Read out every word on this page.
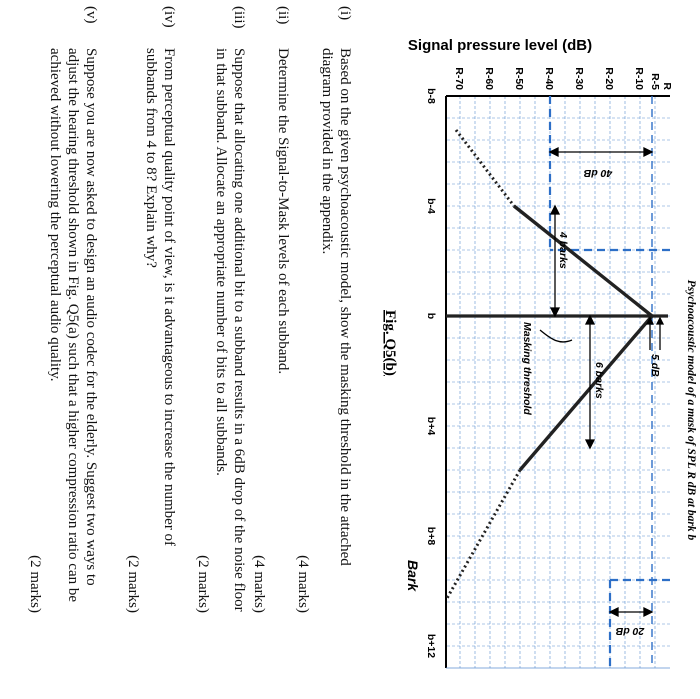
Psychoacoustic model of a mask of SPL R dB at bark b
Signal pressure level (dB)
R
R-5
R-10
R-20
R-30
R-40
R-50
R-60
R-70
b-8
b-4
b
b+4
b+8
b+12
Bark
40 dB
20 dB
5 dB
4 barks
6 barks
Masking threshold
Fig. Q5(b)
(i)
Based on the given psychoacoustic model, show the masking threshold in the attached diagram provided in the appendix.
(4 marks)
(ii)
Determine the Signal-to-Mask levels of each subband.
(4 marks)
(iii)
Suppose that allocating one additional bit to a subband results in a 6dB drop of the noise floor in that subband. Allocate an appropriate number of bits to all subbands.
(2 marks)
(iv)
From perceptual quality point of view, is it advantageous to increase the number of subbands from 4 to 8? Explain why?
(2 marks)
(v)
Suppose you are now asked to design an audio codec for the elderly. Suggest two ways to adjust the hearing threshold shown in Fig. Q5(a) such that a higher compression ratio can be achieved without lowering the perceptual audio quality.
(2 marks)
